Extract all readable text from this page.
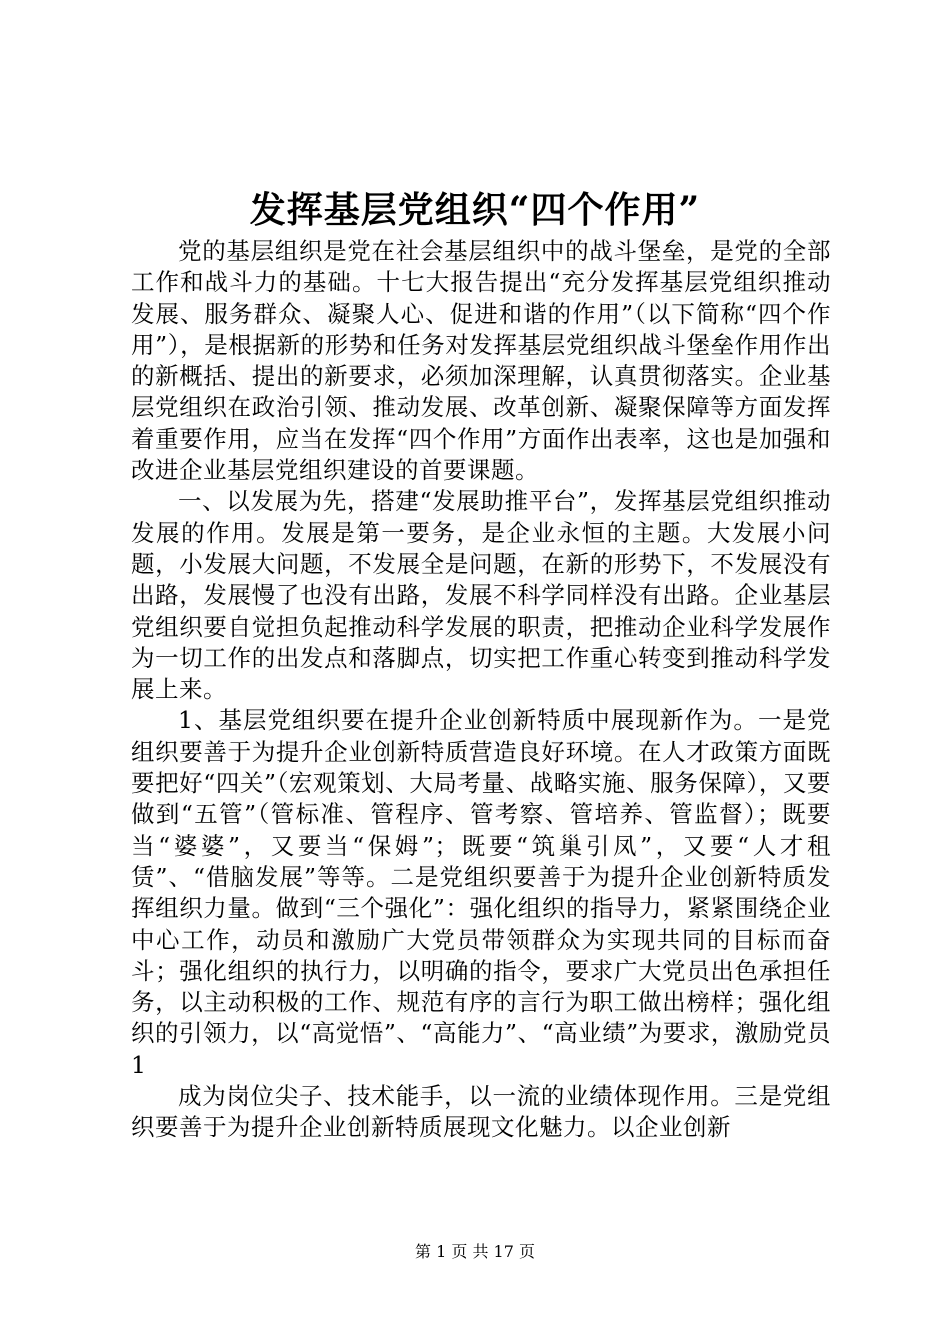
发挥基层党组织“四个作用”

党的基层组织是党在社会基层组织中的战斗堡垒，是党的全部工作和战斗力的基础。十七大报告提出“充分发挥基层党组织推动发展、服务群众、凝聚人心、促进和谐的作用”（以下简称“四个作用”），是根据新的形势和任务对发挥基层党组织战斗堡垒作用作出的新概括、提出的新要求，必须加深理解，认真贯彻落实。企业基层党组织在政治引领、推动发展、改革创新、凝聚保障等方面发挥着重要作用，应当在发挥“四个作用”方面作出表率，这也是加强和改进企业基层党组织建设的首要课题。

一、以发展为先，搭建“发展助推平台”，发挥基层党组织推动发展的作用。发展是第一要务，是企业永恒的主题。大发展小问题，小发展大问题，不发展全是问题，在新的形势下，不发展没有出路，发展慢了也没有出路，发展不科学同样没有出路。企业基层党组织要自觉担负起推动科学发展的职责，把推动企业科学发展作为一切工作的出发点和落脚点，切实把工作重心转变到推动科学发展上来。

1、基层党组织要在提升企业创新特质中展现新作为。一是党组织要善于为提升企业创新特质营造良好环境。在人才政策方面既要把好“四关”（宏观策划、大局考量、战略实施、服务保障），又要做到“五管”（管标准、管程序、管考察、管培养、管监督）；既要当“婆婆”，又要当“保姆”；既要“筑巢引凤”，又要“人才租赁”、“借脑发展”等等。二是党组织要善于为提升企业创新特质发挥组织力量。做到“三个强化”：强化组织的指导力，紧紧围绕企业中心工作，动员和激励广大党员带领群众为实现共同的目标而奋斗；强化组织的执行力，以明确的指令，要求广大党员出色承担任务，以主动积极的工作、规范有序的言行为职工做出榜样；强化组织的引领力，以“高觉悟”、“高能力”、“高业绩”为要求，激励党员 1

成为岗位尖子、技术能手，以一流的业绩体现作用。三是党组织要善于为提升企业创新特质展现文化魅力。以企业创新

第 1 页 共 17 页
